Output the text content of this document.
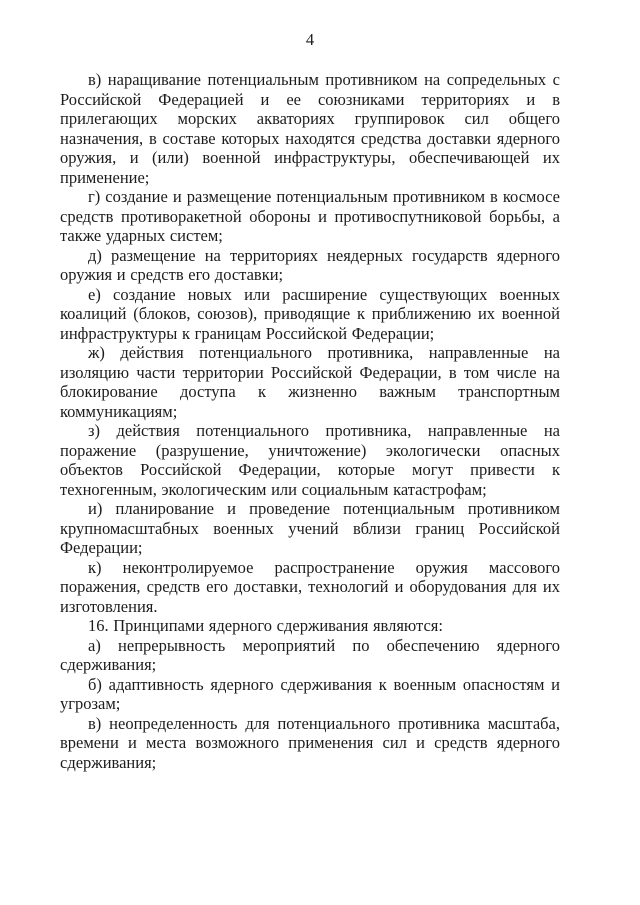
4

в) наращивание потенциальным противником на сопредельных с Российской Федерацией и ее союзниками территориях и в прилегающих морских акваториях группировок сил общего назначения, в составе которых находятся средства доставки ядерного оружия, и (или) военной инфраструктуры, обеспечивающей их применение;

г) создание и размещение потенциальным противником в космосе средств противоракетной обороны и противоспутниковой борьбы, а также ударных систем;

д) размещение на территориях неядерных государств ядерного оружия и средств его доставки;

е) создание новых или расширение существующих военных коалиций (блоков, союзов), приводящие к приближению их военной инфраструктуры к границам Российской Федерации;

ж) действия потенциального противника, направленные на изоляцию части территории Российской Федерации, в том числе на блокирование доступа к жизненно важным транспортным коммуникациям;

з) действия потенциального противника, направленные на поражение (разрушение, уничтожение) экологически опасных объектов Российской Федерации, которые могут привести к техногенным, экологическим или социальным катастрофам;

и) планирование и проведение потенциальным противником крупномасштабных военных учений вблизи границ Российской Федерации;

к) неконтролируемое распространение оружия массового поражения, средств его доставки, технологий и оборудования для их изготовления.

16. Принципами ядерного сдерживания являются:

а) непрерывность мероприятий по обеспечению ядерного сдерживания;

б) адаптивность ядерного сдерживания к военным опасностям и угрозам;

в) неопределенность для потенциального противника масштаба, времени и места возможного применения сил и средств ядерного сдерживания;
